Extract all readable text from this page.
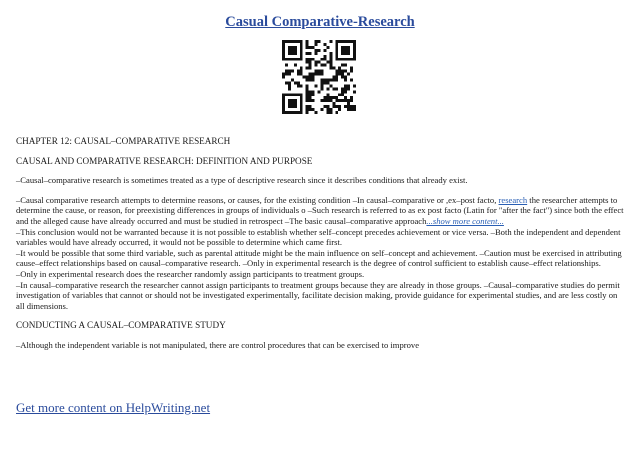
Casual Comparative-Research
CHAPTER 12: CAUSAL–COMPARATIVE RESEARCH
CAUSAL AND COMPARATIVE RESEARCH: DEFINITION AND PURPOSE
–Causal–comparative research is sometimes treated as a type of descriptive research since it describes conditions that already exist.
–Causal comparative research attempts to determine reasons, or causes, for the existing condition –In causal–comparative or ,ex–post facto, research the researcher attempts to determine the cause, or reason, for preexisting differences in groups of individuals o –Such research is referred to as ex post facto (Latin for "after the fact") since both the effect and the alleged cause have already occurred and must be studied in retrospect –The basic causal–comparative approach...show more content...
–This conclusion would not be warranted because it is not possible to establish whether self–concept precedes achievement or vice versa. –Both the independent and dependent variables would have already occurred, it would not be possible to determine which came first.
–It would be possible that some third variable, such as parental attitude might be the main influence on self–concept and achievement. –Caution must be exercised in attributing cause–effect relationships based on causal–comparative research. –Only in experimental research is the degree of control sufficient to establish cause–effect relationships.
–Only in experimental research does the researcher randomly assign participants to treatment groups.
–In causal–comparative research the researcher cannot assign participants to treatment groups because they are already in those groups. –Causal–comparative studies do permit investigation of variables that cannot or should not be investigated experimentally, facilitate decision making, provide guidance for experimental studies, and are less costly on all dimensions.
CONDUCTING A CAUSAL–COMPARATIVE STUDY
–Although the independent variable is not manipulated, there are control procedures that can be exercised to improve
Get more content on HelpWriting.net
